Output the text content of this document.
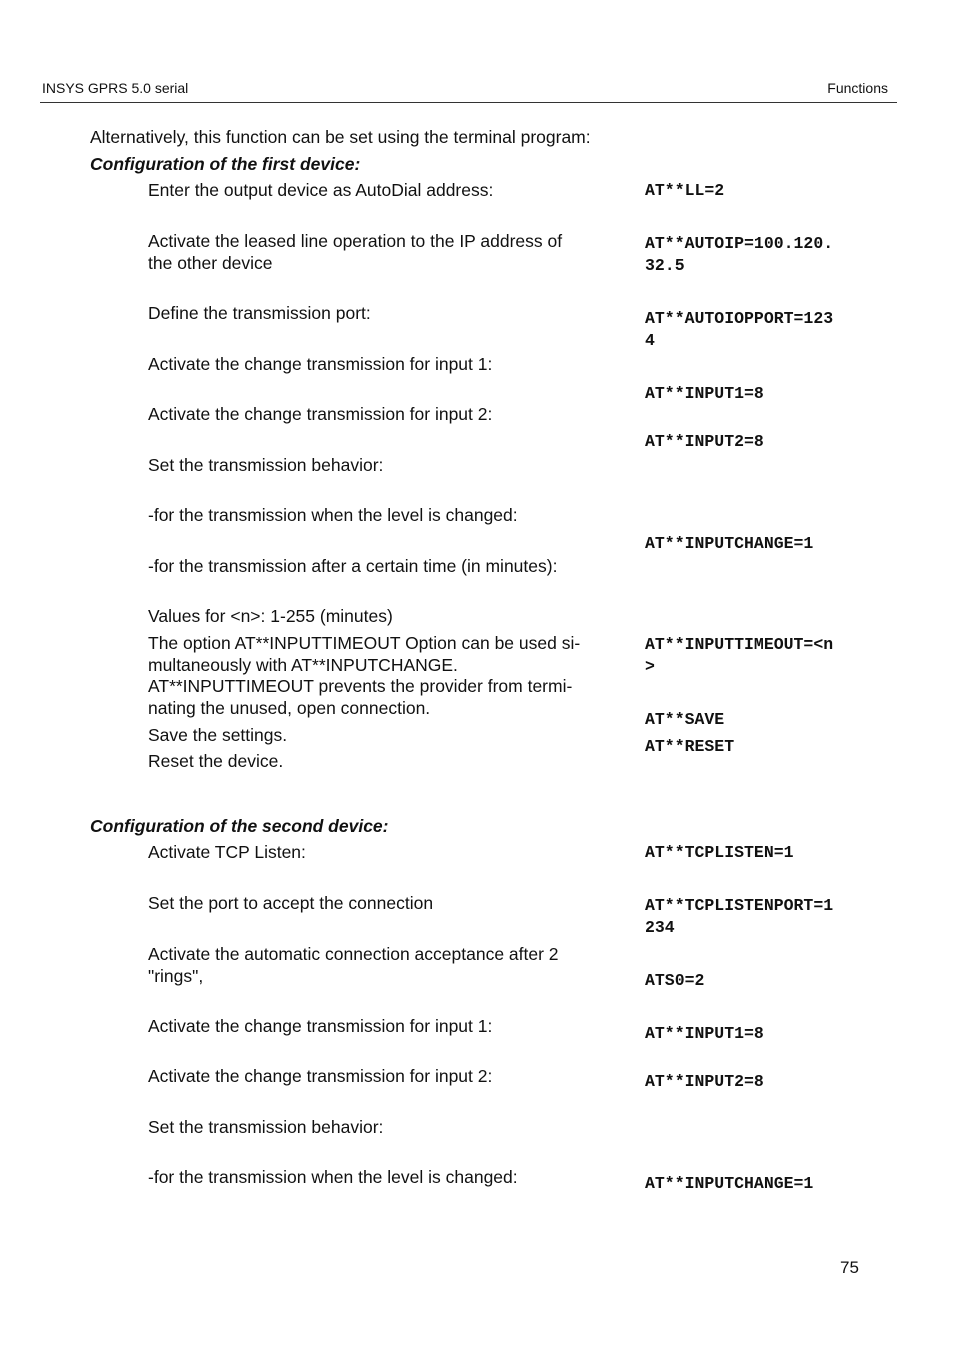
INSYS GPRS 5.0 serial	Functions
Alternatively, this function can be set using the terminal program:
Configuration of the first device:
Enter the output device as AutoDial address:
Activate the leased line operation to the IP address of
the other device
Define the transmission port:
Activate the change transmission for input 1:
Activate the change transmission for input 2:
Set the transmission behavior:
-for the transmission when the level is changed:
-for the transmission after a certain time (in minutes):
Values for <n>: 1-255 (minutes)
The option AT**INPUTTIMEOUT Option can be used si-
multaneously with AT**INPUTCHANGE.
AT**INPUTTIMEOUT prevents the provider from termi-
nating the unused, open connection.
Save the settings.
Reset the device.
AT**LL=2
AT**AUTOIP=100.120.32.5
AT**AUTOIOPPORT=1234
AT**INPUT1=8
AT**INPUT2=8
AT**INPUTCHANGE=1
AT**INPUTTIMEOUT=<n>
AT**SAVE
AT**RESET
Configuration of the second device:
Activate TCP Listen:
Set the port to accept the connection
Activate the automatic connection acceptance after 2
"rings",
Activate the change transmission for input 1:
Activate the change transmission for input 2:
Set the transmission behavior:
-for the transmission when the level is changed:
AT**TCPLISTEN=1
AT**TCPLISTENPORT=1234
ATS0=2
AT**INPUT1=8
AT**INPUT2=8
AT**INPUTCHANGE=1
75
